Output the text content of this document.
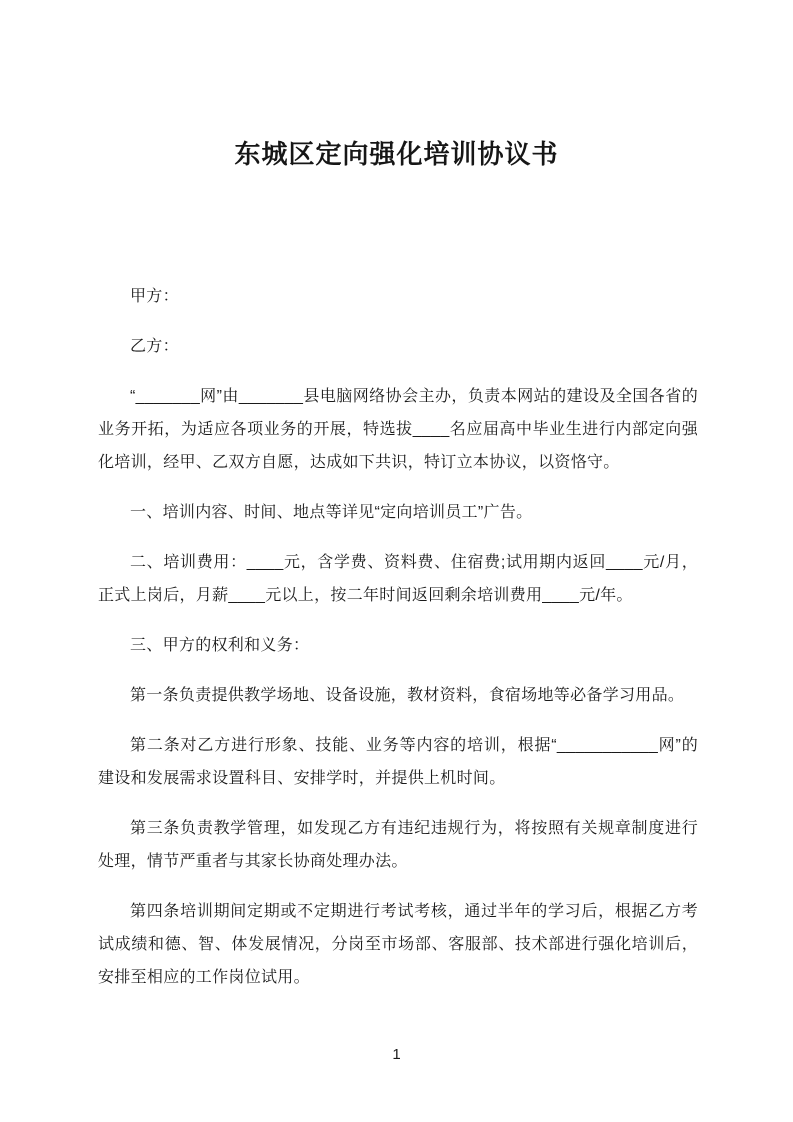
东城区定向强化培训协议书

甲方：

乙方：

“_______网”由_______县电脑网络协会主办，负责本网站的建设及全国各省的业务开拓，为适应各项业务的开展，特选拔____名应届高中毕业生进行内部定向强化培训，经甲、乙双方自愿，达成如下共识，特订立本协议，以资恪守。

一、培训内容、时间、地点等详见“定向培训员工”广告。

二、培训费用：____元，含学费、资料费、住宿费;试用期内返回____元/月，正式上岗后，月薪____元以上，按二年时间返回剩余培训费用____元/年。

三、甲方的权利和义务：

第一条负责提供教学场地、设备设施，教材资料，食宿场地等必备学习用品。

第二条对乙方进行形象、技能、业务等内容的培训，根据“___________网”的建设和发展需求设置科目、安排学时，并提供上机时间。

第三条负责教学管理，如发现乙方有违纪违规行为，将按照有关规章制度进行处理，情节严重者与其家长协商处理办法。

第四条培训期间定期或不定期进行考试考核，通过半年的学习后，根据乙方考试成绩和德、智、体发展情况，分岗至市场部、客服部、技术部进行强化培训后，安排至相应的工作岗位试用。

1
